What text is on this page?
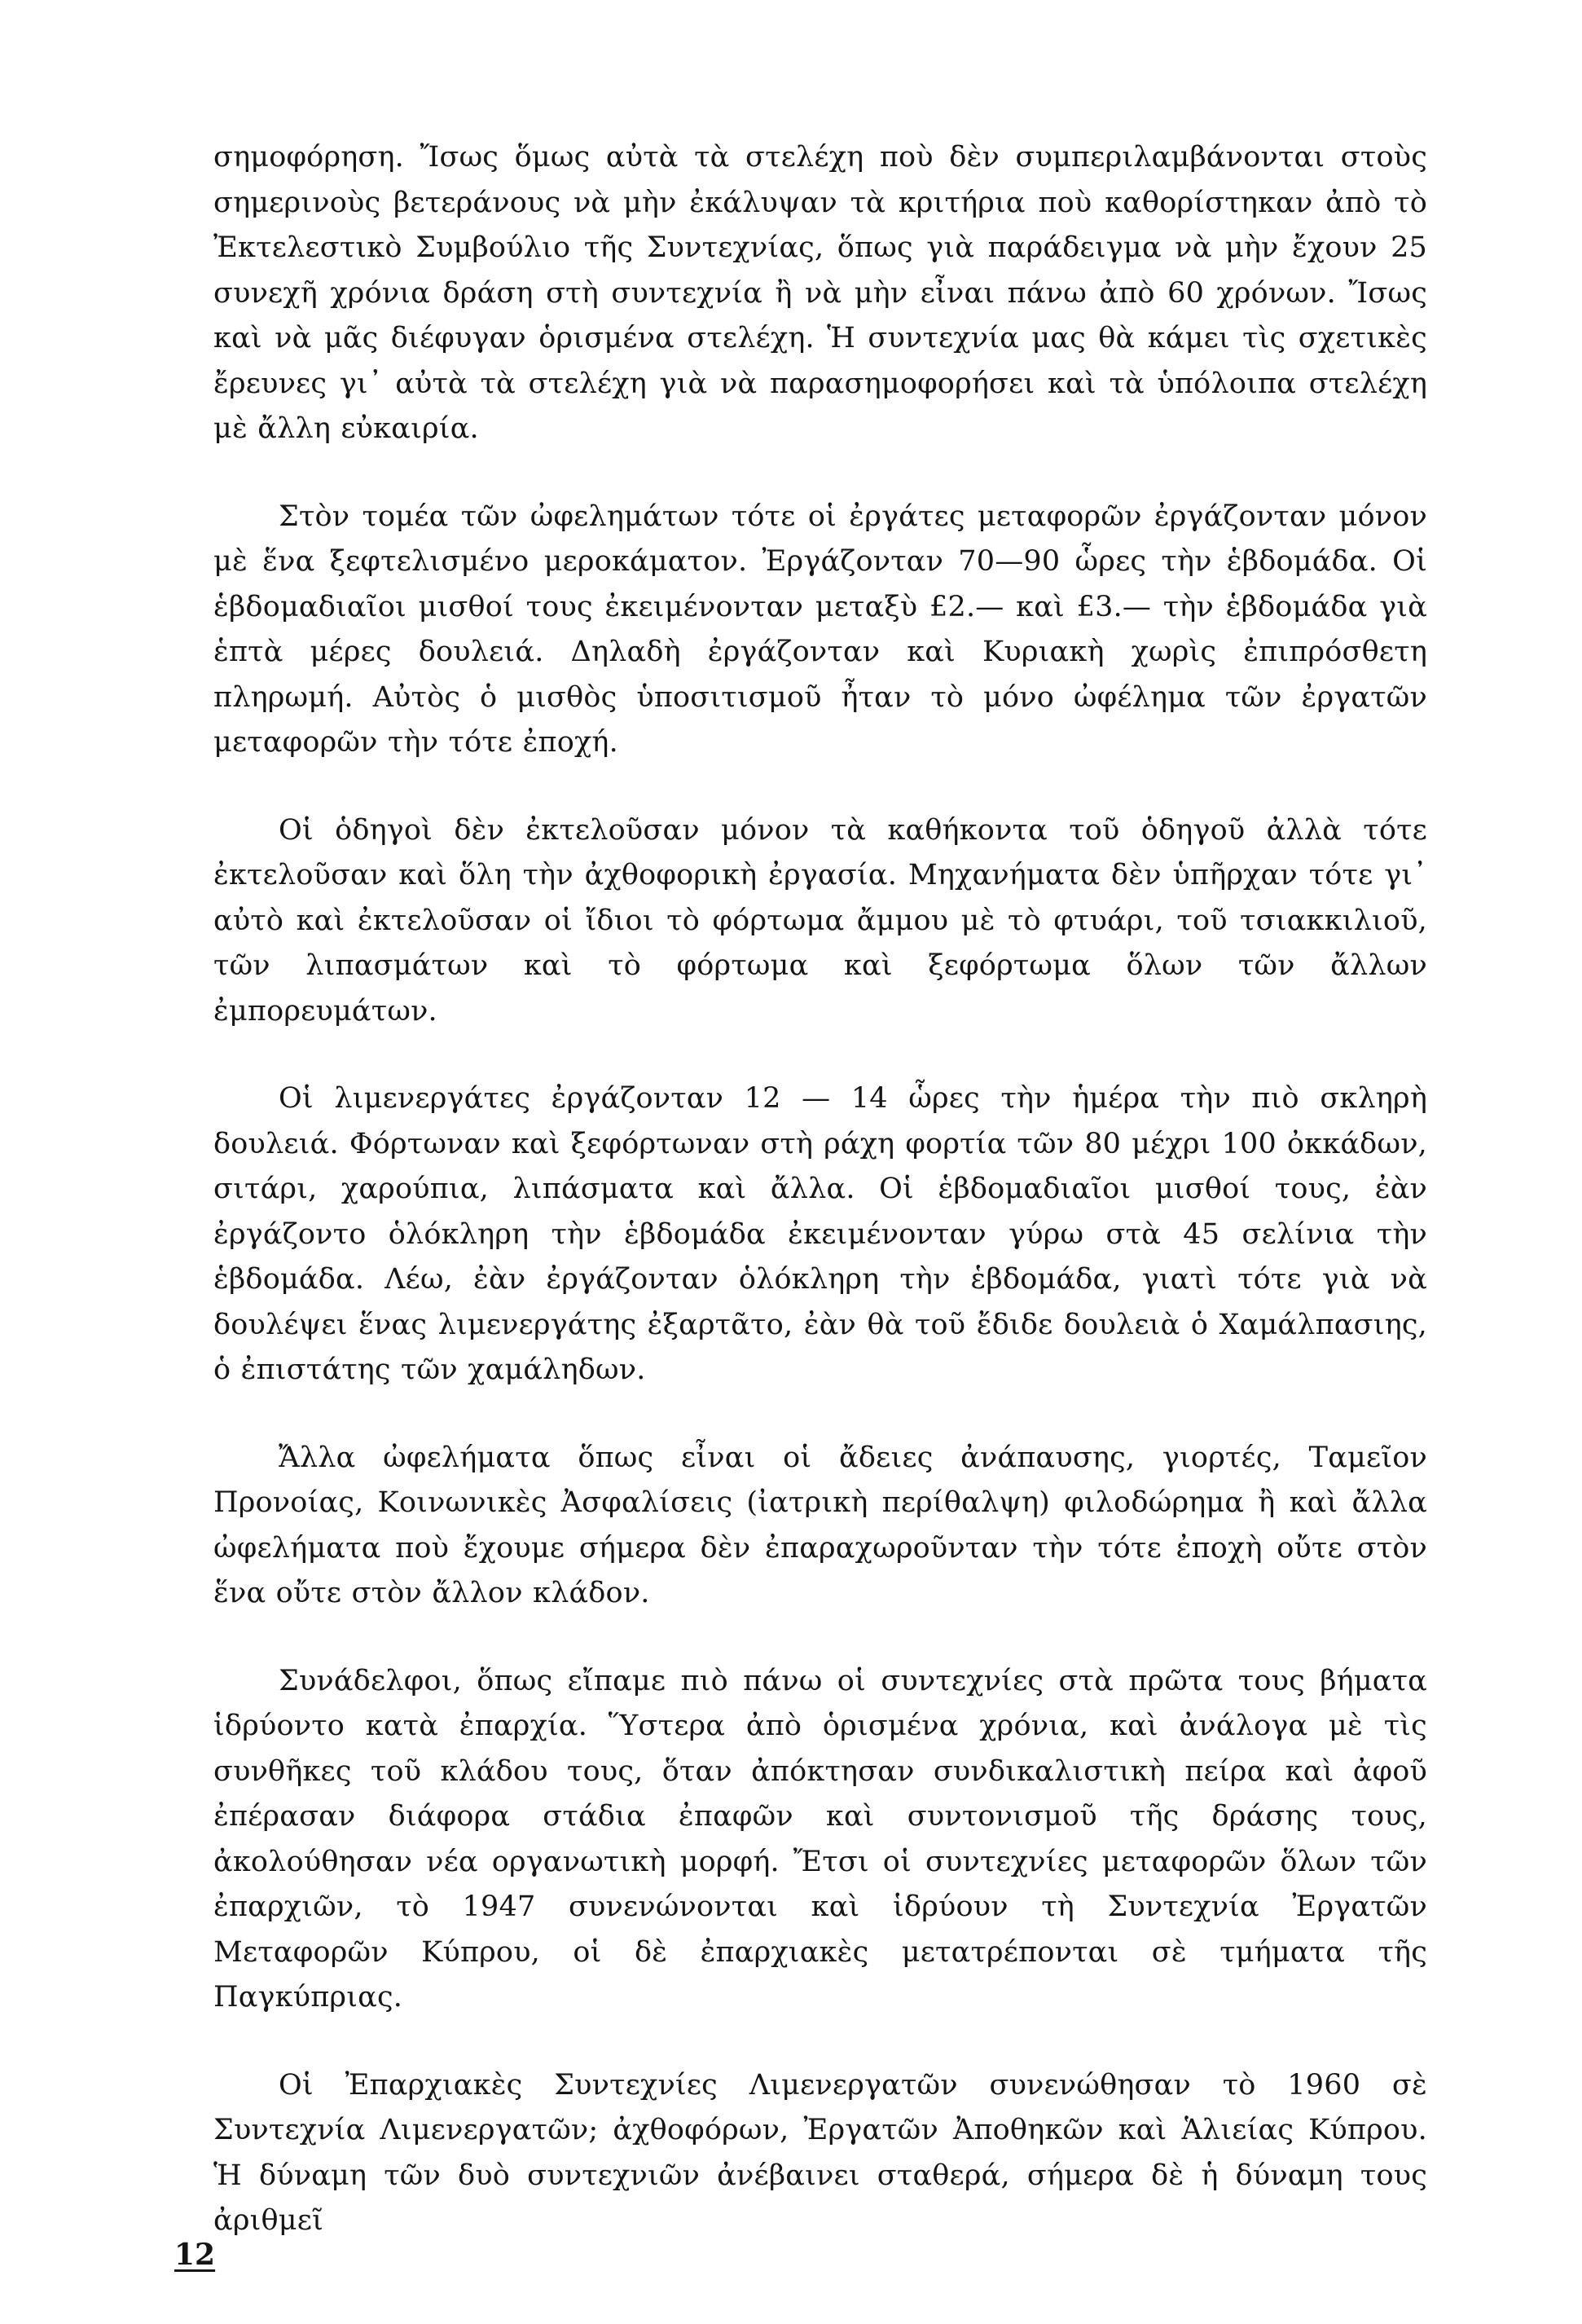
σημοφόρηση. Ἴσως ὅμως αὐτὰ τὰ στελέχη ποὺ δὲν συμπεριλαμβάνονται στοὺς σημερινοὺς βετεράνους νὰ μὴν ἐκάλυψαν τὰ κριτήρια ποὺ καθορίστηκαν ἀπὸ τὸ Ἐκτελεστικὸ Συμβούλιο τῆς Συντεχνίας, ὅπως γιὰ παράδειγμα νὰ μὴν ἔχουν 25 συνεχῆ χρόνια δράση στὴ συντεχνία ἢ νὰ μὴν εἶναι πάνω ἀπὸ 60 χρόνων. Ἴσως καὶ νὰ μᾶς διέφυγαν ὁρισμένα στελέχη. Ἡ συντεχνία μας θὰ κάμει τὶς σχετικὲς ἔρευνες γι᾿ αὐτὰ τὰ στελέχη γιὰ νὰ παρασημοφορήσει καὶ τὰ ὑπόλοιπα στελέχη μὲ ἄλλη εὐκαιρία.

Στὸν τομέα τῶν ὠφελημάτων τότε οἱ ἐργάτες μεταφορῶν ἐργάζονταν μόνον μὲ ἕνα ξεφτελισμένο μεροκάματον. Ἐργάζονταν 70—90 ὧρες τὴν ἑβδομάδα. Οἱ ἑβδομαδιαῖοι μισθοί τους ἐκειμένονταν μεταξὺ £2.— καὶ £3.— τὴν ἑβδομάδα γιὰ ἑπτὰ μέρες δουλειά. Δηλαδὴ ἐργάζονταν καὶ Κυριακὴ χωρὶς ἐπιπρόσθετη πληρωμή. Αὐτὸς ὁ μισθὸς ὑποσιτισμοῦ ἦταν τὸ μόνο ὠφέλημα τῶν ἐργατῶν μεταφορῶν τὴν τότε ἐποχή.

Οἱ ὁδηγοὶ δὲν ἐκτελοῦσαν μόνον τὰ καθήκοντα τοῦ ὁδηγοῦ ἀλλὰ τότε ἐκτελοῦσαν καὶ ὅλη τὴν ἀχθοφορικὴ ἐργασία. Μηχανήματα δὲν ὑπῆρχαν τότε γι᾿ αὐτὸ καὶ ἐκτελοῦσαν οἱ ἴδιοι τὸ φόρτωμα ἄμμου μὲ τὸ φτυάρι, τοῦ τσιακκιλιοῦ, τῶν λιπασμάτων καὶ τὸ φόρτωμα καὶ ξεφόρτωμα ὅλων τῶν ἄλλων ἐμπορευμάτων.

Οἱ λιμενεργάτες ἐργάζονταν 12 — 14 ὧρες τὴν ἡμέρα τὴν πιὸ σκληρὴ δουλειά. Φόρτωναν καὶ ξεφόρτωναν στὴ ράχη φορτία τῶν 80 μέχρι 100 ὀκκάδων, σιτάρι, χαρούπια, λιπάσματα καὶ ἄλλα. Οἱ ἑβδομαδιαῖοι μισθοί τους, ἐὰν ἐργάζοντο ὁλόκληρη τὴν ἑβδομάδα ἐκειμένονταν γύρω στὰ 45 σελίνια τὴν ἑβδομάδα. Λέω, ἐὰν ἐργάζονταν ὁλόκληρη τὴν ἑβδομάδα, γιατὶ τότε γιὰ νὰ δουλέψει ἕνας λιμενεργάτης ἐξαρτᾶτο, ἐὰν θὰ τοῦ ἔδιδε δουλειὰ ὁ Χαμάλπασιης, ὁ ἐπιστάτης τῶν χαμάληδων.

Ἄλλα ὠφελήματα ὅπως εἶναι οἱ ἄδειες ἀνάπαυσης, γιορτές, Ταμεῖον Προνοίας, Κοινωνικὲς Ἀσφαλίσεις (ἰατρικὴ περίθαλψη) φιλοδώρημα ἢ καὶ ἄλλα ὠφελήματα ποὺ ἔχουμε σήμερα δὲν ἐπαραχωροῦνταν τὴν τότε ἐποχὴ οὔτε στὸν ἕνα οὔτε στὸν ἄλλον κλάδον.

Συνάδελφοι, ὅπως εἴπαμε πιὸ πάνω οἱ συντεχνίες στὰ πρῶτα τους βήματα ἱδρύοντο κατὰ ἐπαρχία. Ὕστερα ἀπὸ ὁρισμένα χρόνια, καὶ ἀνάλογα μὲ τὶς συνθῆκες τοῦ κλάδου τους, ὅταν ἀπόκτησαν συνδικαλιστικὴ πείρα καὶ ἀφοῦ ἐπέρασαν διάφορα στάδια ἐπαφῶν καὶ συντονισμοῦ τῆς δράσης τους, ἀκολούθησαν νέα οργανωτικὴ μορφή. Ἔτσι οἱ συντεχνίες μεταφορῶν ὅλων τῶν ἐπαρχιῶν, τὸ 1947 συνενώνονται καὶ ἱδρύουν τὴ Συντεχνία Ἐργατῶν Μεταφορῶν Κύπρου, οἱ δὲ ἐπαρχιακὲς μετατρέπονται σὲ τμήματα τῆς Παγκύπριας.

Οἱ Ἐπαρχιακὲς Συντεχνίες Λιμενεργατῶν συνενώθησαν τὸ 1960 σὲ Συντεχνία Λιμενεργατῶν; ἀχθοφόρων, Ἐργατῶν Ἀποθηκῶν καὶ Ἁλιείας Κύπρου. Ἡ δύναμη τῶν δυὸ συντεχνιῶν ἀνέβαινει σταθερά, σήμερα δὲ ἡ δύναμη τους ἀριθμεῖ

12
